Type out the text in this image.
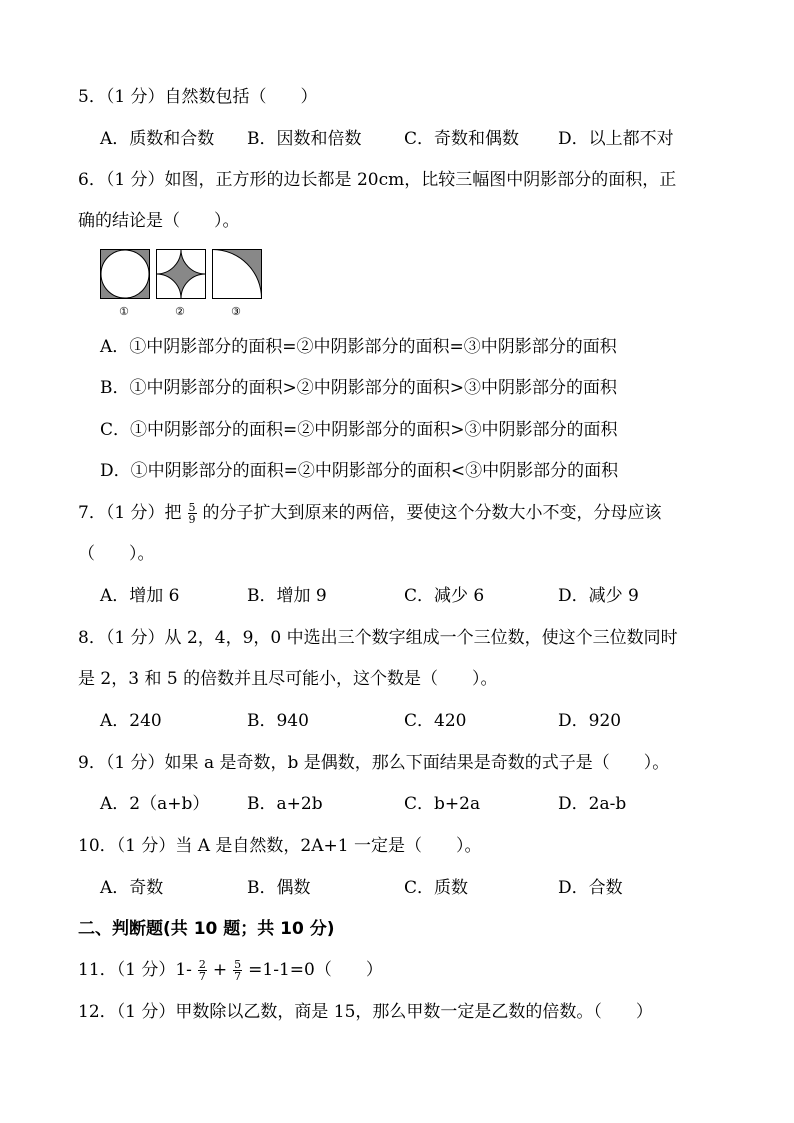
5．（1 分）自然数包括（　　）
A．质数和合数 B．因数和倍数	C．奇数和偶数 D．以上都不对
6．（1 分）如图，正方形的边长都是 20cm，比较三幅图中阴影部分的面积，正
确的结论是（　　）。
①	②	③
A．①中阴影部分的面积=②中阴影部分的面积=③中阴影部分的面积
B．①中阴影部分的面积>②中阴影部分的面积>③中阴影部分的面积
C．①中阴影部分的面积=②中阴影部分的面积>③中阴影部分的面积
D．①中阴影部分的面积=②中阴影部分的面积<③中阴影部分的面积
7．（1 分）把 $\frac{5}{9}$ 的分子扩大到原来的两倍，要使这个分数大小不变，分母应该
（　　）。
A．增加 6	B．增加 9	C．减少 6	D．减少 9
8．（1 分）从 2，4，9，0 中选出三个数字组成一个三位数，使这个三位数同时
是 2，3 和 5 的倍数并且尽可能小，这个数是（　　）。
A．240	B．940	C．420	D．920
9．（1 分）如果 a 是奇数，b 是偶数，那么下面结果是奇数的式子是（　　）。
A．2（a+b） B．a+2b	C．b+2a	D．2a-b
10．（1 分）当 A 是自然数，2A+1 一定是（　　）。
A．奇数	B．偶数	C．质数	D．合数
二、判断题(共 10 题；共 10 分)
11．（1 分）$1- \frac{2}{7} + \frac{5}{7} =1-1=0$（　　）
12．（1 分）甲数除以乙数，商是 15，那么甲数一定是乙数的倍数。（　　）
